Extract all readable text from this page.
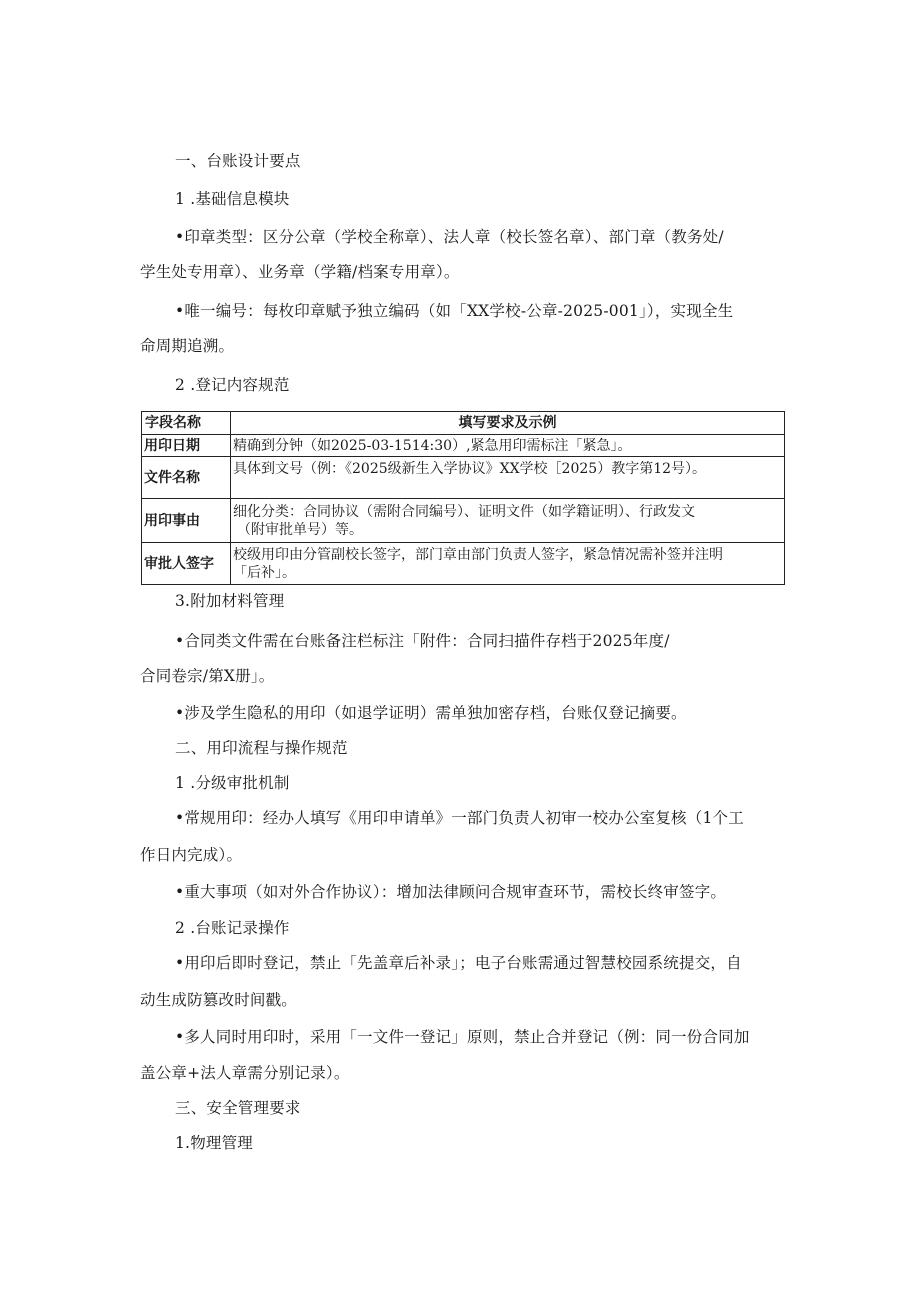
一、台账设计要点

1 .基础信息模块

•印章类型：区分公章（学校全称章）、法人章（校长签名章）、部门章（教务处/

学生处专用章）、业务章（学籍/档案专用章）。

•唯一编号：每枚印章赋予独立编码（如「XX学校-公章-2025-001」），实现全生

命周期追溯。

2 .登记内容规范

字段名称	填写要求及示例
用印日期	精确到分钟（如2025-03-1514:30）,紧急用印需标注「紧急」。
文件名称	具体到文号（例：《2025级新生入学协议》XX学校［2025）教字第12号）。
用印事由	细化分类：合同协议（需附合同编号）、证明文件（如学籍证明）、行政发文
（附审批单号）等。

审批人签字	校级用印由分管副校长签字，部门章由部门负责人签字，紧急情况需补签并注明
「后补」。

3.附加材料管理

•合同类文件需在台账备注栏标注「附件：合同扫描件存档于2025年度/

合同卷宗/第X册」。

•涉及学生隐私的用印（如退学证明）需单独加密存档，台账仅登记摘要。

二、用印流程与操作规范

1 .分级审批机制

•常规用印：经办人填写《用印申请单》一部门负责人初审一校办公室复核（1个工

作日内完成）。

•重大事项（如对外合作协议）：增加法律顾问合规审查环节，需校长终审签字。

2 .台账记录操作

•用印后即时登记，禁止「先盖章后补录」；电子台账需通过智慧校园系统提交，自

动生成防篡改时间戳。

•多人同时用印时，采用「一文件一登记」原则，禁止合并登记（例：同一份合同加

盖公章+法人章需分别记录）。

三、安全管理要求

1.物理管理
